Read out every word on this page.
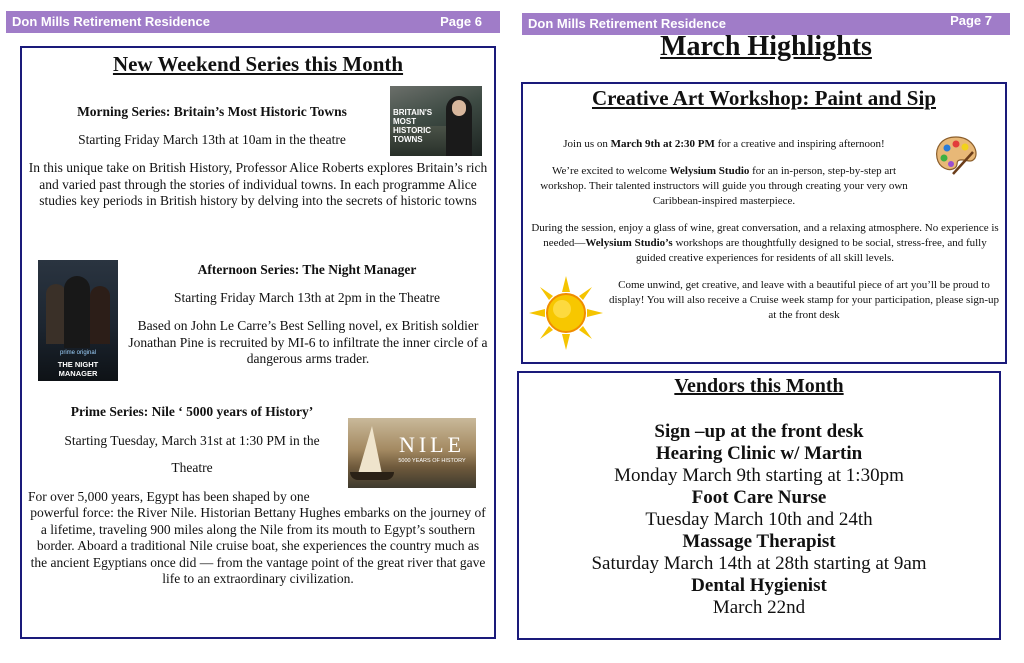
Don Mills Retirement Residence	Page 6
New Weekend Series this Month
Morning Series: Britain’s Most Historic Towns
Starting Friday March 13th at 10am in the theatre
BRITAIN'S MOST HISTORIC TOWNS
In this unique take on British History, Professor Alice Roberts explores Britain’s rich and varied past through the stories of individual towns. In each programme Alice studies key periods in British history by delving into the secrets of historic towns
prime original
THE NIGHT MANAGER
Afternoon Series: The Night Manager
Starting Friday March 13th at 2pm in the Theatre
Based on John Le Carre’s Best Selling novel, ex British soldier Jonathan Pine is recruited by MI-6 to infiltrate the inner circle of a dangerous arms trader.
Prime Series: Nile ‘ 5000 years of History’
Starting Tuesday, March 31st at 1:30 PM in the
Theatre
NILE
5000 YEARS OF HISTORY
For over 5,000 years, Egypt has been shaped by one
powerful force: the River Nile. Historian Bettany Hughes embarks on the journey of a lifetime, traveling 900 miles along the Nile from its mouth to Egypt’s southern border. Aboard a traditional Nile cruise boat, she experiences the country much as the ancient Egyptians once did — from the vantage point of the great river that gave life to an extraordinary civilization.
Don Mills Retirement Residence	Page 7
March Highlights
Creative Art Workshop: Paint and Sip
Join us on March 9th at 2:30 PM for a creative and inspiring afternoon!
We’re excited to welcome Welysium Studio for an in-person, step-by-step art workshop. Their talented instructors will guide you through creating your very own Caribbean-inspired masterpiece.
During the session, enjoy a glass of wine, great conversation, and a relaxing atmosphere. No experience is needed—Welysium Studio’s workshops are thoughtfully designed to be social, stress-free, and fully guided creative experiences for residents of all skill levels.
Come unwind, get creative, and leave with a beautiful piece of art you’ll be proud to display! You will also receive a Cruise week stamp for your participation, please sign-up at the front desk
Vendors this Month
Sign –up at the front desk
Hearing Clinic w/ Martin
Monday March 9th starting at 1:30pm
Foot Care Nurse
Tuesday March 10th and 24th
Massage Therapist
Saturday March 14th at 28th starting at 9am
Dental Hygienist
March 22nd
